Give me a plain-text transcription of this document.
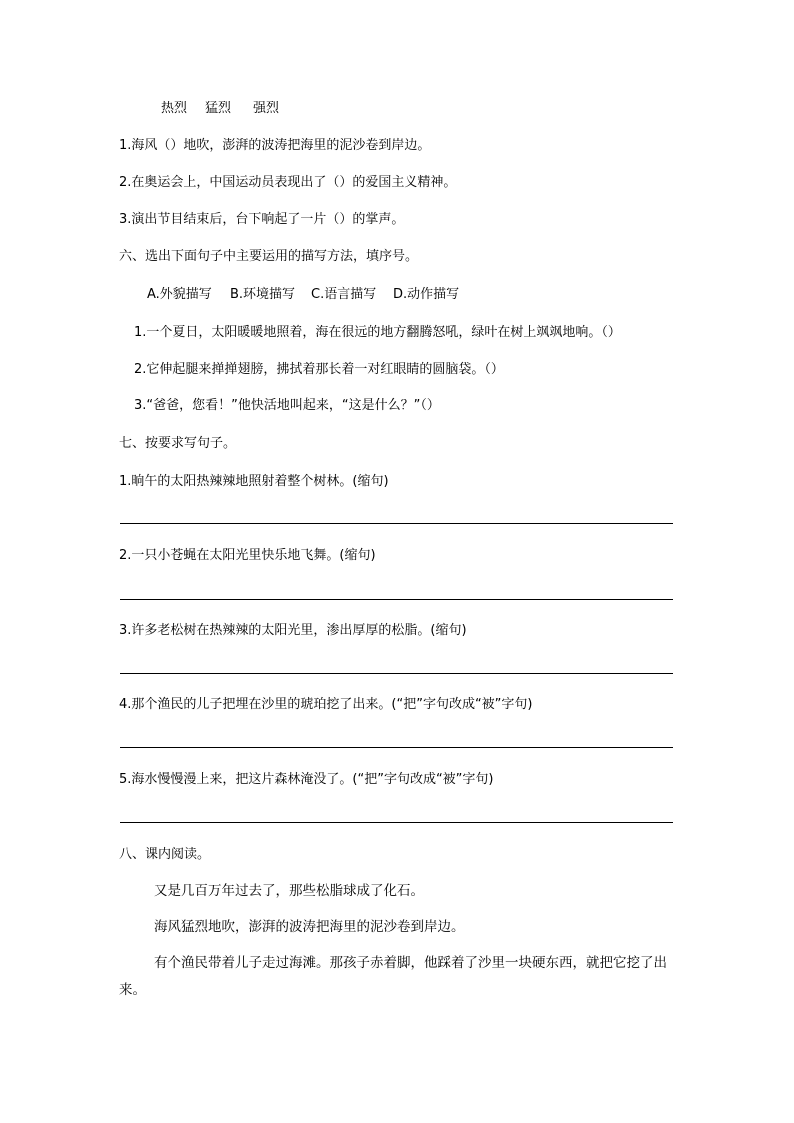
热烈 猛烈 强烈
1.海风（）地吹，澎湃的波涛把海里的泥沙卷到岸边。
2.在奥运会上，中国运动员表现出了（）的爱国主义精神。
3.演出节目结束后，台下响起了一片（）的掌声。
六、选出下面句子中主要运用的描写方法，填序号。
A.外貌描写 B.环境描写 C.语言描写 D.动作描写
1.一个夏日，太阳暖暖地照着，海在很远的地方翻腾怒吼，绿叶在树上飒飒地响。（）
2.它伸起腿来掸掸翅膀，拂拭着那长着一对红眼睛的圆脑袋。（）
3.“爸爸，您看！”他快活地叫起来，“这是什么？”（）
七、按要求写句子。
1.晌午的太阳热辣辣地照射着整个树林。(缩句)
2.一只小苍蝇在太阳光里快乐地飞舞。(缩句)
3.许多老松树在热辣辣的太阳光里，渗出厚厚的松脂。(缩句)
4.那个渔民的儿子把埋在沙里的琥珀挖了出来。(“把”字句改成“被”字句)
5.海水慢慢漫上来，把这片森林淹没了。(“把”字句改成“被”字句)
八、课内阅读。
又是几百万年过去了，那些松脂球成了化石。
海风猛烈地吹，澎湃的波涛把海里的泥沙卷到岸边。
有个渔民带着儿子走过海滩。那孩子赤着脚，他踩着了沙里一块硬东西，就把它挖了出来。
